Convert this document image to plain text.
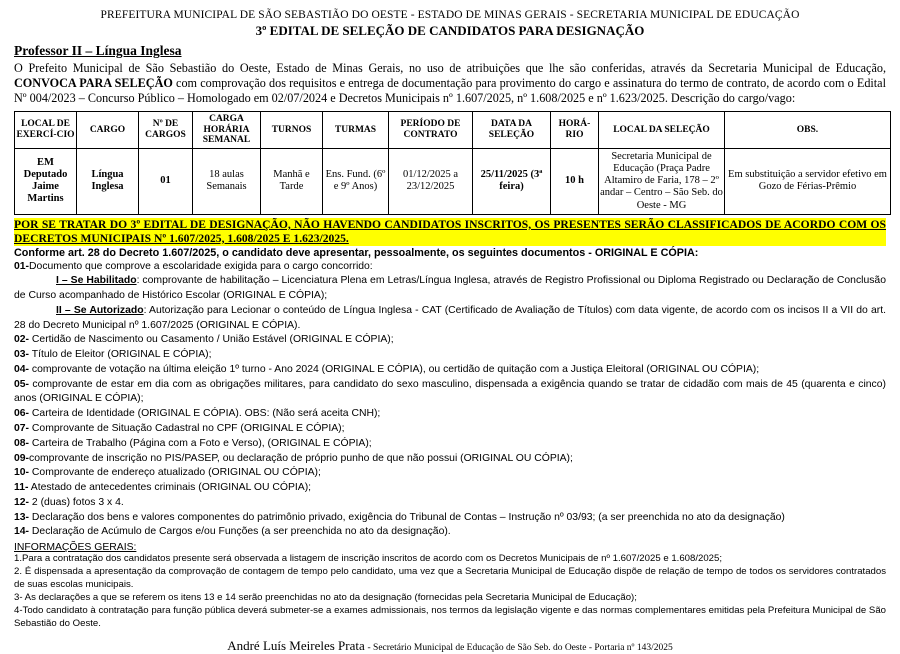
PREFEITURA MUNICIPAL DE SÃO SEBASTIÃO DO OESTE - ESTADO DE MINAS GERAIS - SECRETARIA MUNICIPAL DE EDUCAÇÃO
3º EDITAL DE SELEÇÃO DE CANDIDATOS PARA DESIGNAÇÃO
Professor II – Língua Inglesa
O Prefeito Municipal de São Sebastião do Oeste, Estado de Minas Gerais, no uso de atribuições que lhe são conferidas, através da Secretaria Municipal de Educação, CONVOCA PARA SELEÇÃO com comprovação dos requisitos e entrega de documentação para provimento do cargo e assinatura do termo de contrato, de acordo com o Edital Nº 004/2023 – Concurso Público – Homologado em 02/07/2024 e Decretos Municipais nº 1.607/2025, nº 1.608/2025 e nº 1.623/2025. Descrição do cargo/vago:
LOCAL DE EXERCÍ-CIO	CARGO	Nº DE CARGOS	CARGA HORÁRIA SEMANAL	TURNOS	TURMAS	PERÍODO DE CONTRATO	DATA DA SELEÇÃO	HORÁ-RIO	LOCAL DA SELEÇÃO	OBS.
EM Deputado Jaime Martins	Língua Inglesa	01	18 aulas Semanais	Manhã e Tarde	Ens. Fund. (6º e 9º Anos)	01/12/2025 a 23/12/2025	25/11/2025 (3ª feira)	10 h	Secretaria Municipal de Educação (Praça Padre Altamiro de Faria, 178 – 2º andar – Centro – São Seb. do Oeste - MG	Em substituição a servidor efetivo em Gozo de Férias-Prêmio
POR SE TRATAR DO 3º EDITAL DE DESIGNAÇÃO, NÃO HAVENDO CANDIDATOS INSCRITOS, OS PRESENTES SERÃO CLASSIFICADOS DE ACORDO COM OS DECRETOS MUNICIPAIS Nº 1.607/2025, 1.608/2025 E 1.623/2025.
Conforme art. 28 do Decreto 1.607/2025, o candidato deve apresentar, pessoalmente, os seguintes documentos - ORIGINAL E CÓPIA:

01-Documento que comprove a escolaridade exigida para o cargo concorrido:

I – Se Habilitado: comprovante de habilitação – Licenciatura Plena em Letras/Língua Inglesa, através de Registro Profissional ou Diploma Registrado ou Declaração de Conclusão de Curso acompanhado de Histórico Escolar (ORIGINAL E CÓPIA);

II – Se Autorizado: Autorização para Lecionar o conteúdo de Língua Inglesa - CAT (Certificado de Avaliação de Títulos) com data vigente, de acordo com os incisos II a VII do art. 28 do Decreto Municipal nº 1.607/2025 (ORIGINAL E CÓPIA).

02- Certidão de Nascimento ou Casamento / União Estável (ORIGINAL E CÓPIA);

03- Título de Eleitor (ORIGINAL E CÓPIA);

04- comprovante de votação na última eleição 1º turno - Ano 2024 (ORIGINAL E CÓPIA), ou certidão de quitação com a Justiça Eleitoral (ORIGINAL OU CÓPIA);

05- comprovante de estar em dia com as obrigações militares, para candidato do sexo masculino, dispensada a exigência quando se tratar de cidadão com mais de 45 (quarenta e cinco) anos (ORIGINAL E CÓPIA);

06- Carteira de Identidade (ORIGINAL E CÓPIA). OBS: (Não será aceita CNH);

07- Comprovante de Situação Cadastral no CPF (ORIGINAL E CÓPIA);

08- Carteira de Trabalho (Página com a Foto e Verso), (ORIGINAL E CÓPIA);

09-comprovante de inscrição no PIS/PASEP, ou declaração de próprio punho de que não possui (ORIGINAL OU CÓPIA);

10- Comprovante de endereço atualizado (ORIGINAL OU CÓPIA);

11- Atestado de antecedentes criminais (ORIGINAL OU CÓPIA);

12- 2 (duas) fotos 3 x 4.

13- Declaração dos bens e valores componentes do patrimônio privado, exigência do Tribunal de Contas – Instrução nº 03/93; (a ser preenchida no ato da designação)

14- Declaração de Acúmulo de Cargos e/ou Funções (a ser preenchida no ato da designação).

INFORMAÇÕES GERAIS:

1.Para a contratação dos candidatos presente será observada a listagem de inscrição inscritos de acordo com os Decretos Municipais de nº 1.607/2025 e 1.608/2025;

2. É dispensada a apresentação da comprovação de contagem de tempo pelo candidato, uma vez que a Secretaria Municipal de Educação dispõe de relação de tempo de todos os servidores contratados de suas escolas municipais.

3- As declarações a que se referem os itens 13 e 14 serão preenchidas no ato da designação (fornecidas pela Secretaria Municipal de Educação);

4-Todo candidato à contratação para função pública deverá submeter-se a exames admissionais, nos termos da legislação vigente e das normas complementares emitidas pela Prefeitura Municipal de São Sebastião do Oeste.

André Luís Meireles Prata - Secretário Municipal de Educação de São Seb. do Oeste - Portaria nº 143/2025
